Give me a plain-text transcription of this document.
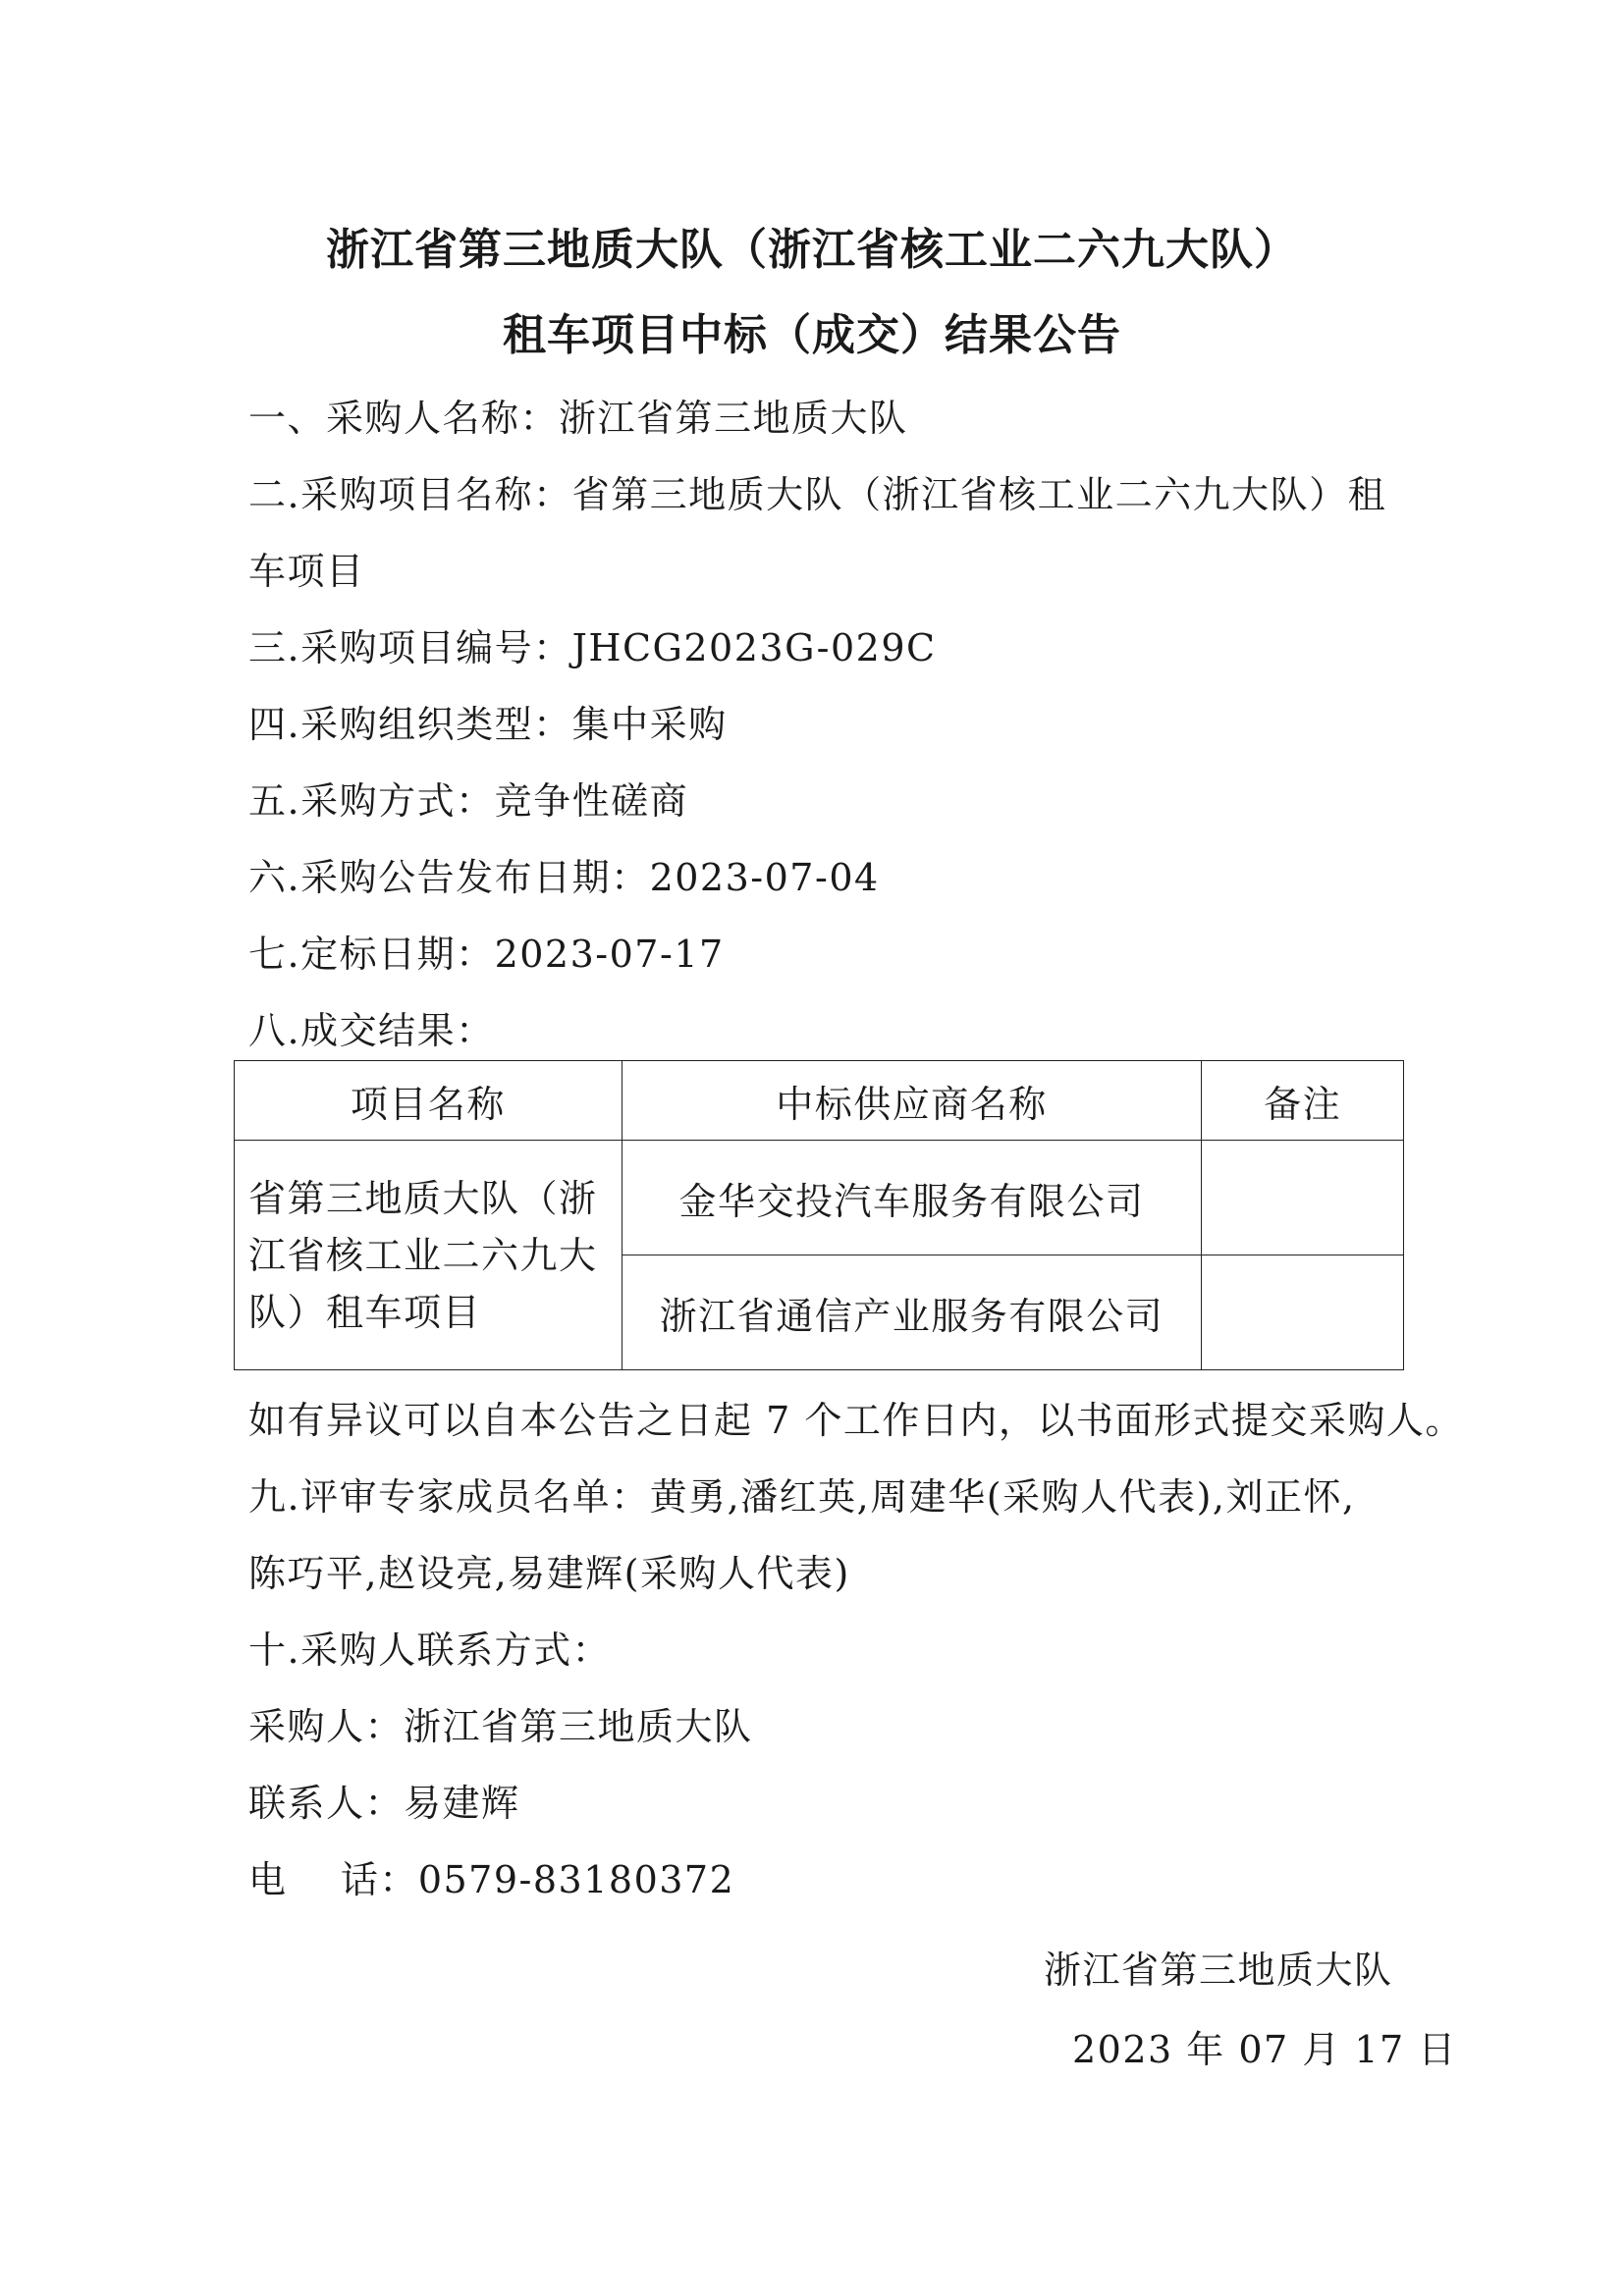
浙江省第三地质大队（浙江省核工业二六九大队）
租车项目中标（成交）结果公告
一、采购人名称：浙江省第三地质大队
二.采购项目名称：省第三地质大队（浙江省核工业二六九大队）租
车项目
三.采购项目编号：JHCG2023G-029C
四.采购组织类型：集中采购
五.采购方式：竞争性磋商
六.采购公告发布日期：2023-07-04
七.定标日期：2023-07-17
八.成交结果：
项目名称	中标供应商名称	备注
省第三地质大队（浙江省核工业二六九大队）租车项目	金华交投汽车服务有限公司	
	浙江省通信产业服务有限公司	
如有异议可以自本公告之日起 7 个工作日内，以书面形式提交采购人。
九.评审专家成员名单：黄勇,潘红英,周建华(采购人代表),刘正怀,
陈巧平,赵设亮,易建辉(采购人代表)
十.采购人联系方式：
采购人：浙江省第三地质大队
联系人：易建辉
电    话：0579-83180372
浙江省第三地质大队
2023 年 07 月 17 日
